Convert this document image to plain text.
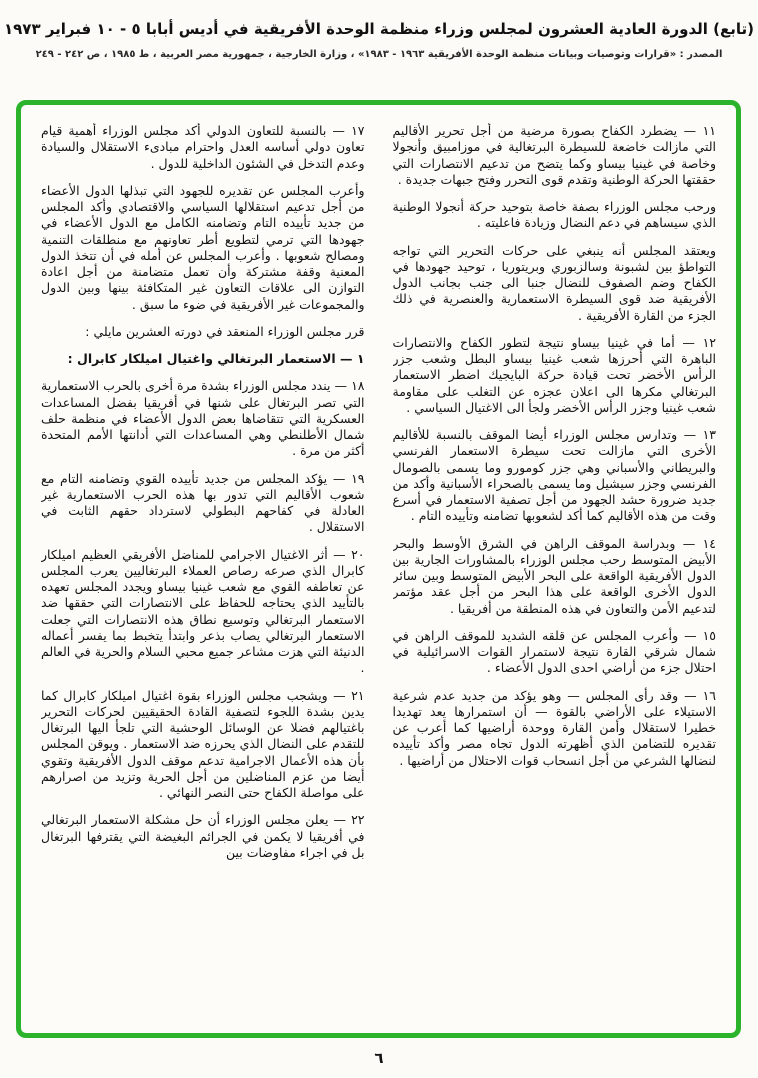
(تابع) الدورة العادية العشرون لمجلس وزراء منظمة الوحدة الأفريقية في أديس أبابا ٥ - ١٠ فبراير ١٩٧٣
المصدر : «قرارات وتوصيات وبيانات منظمة الوحدة الأفريقية ١٩٦٣ - ١٩٨٣» ، وزارة الخارجية ، جمهورية مصر العربية ، ط ١٩٨٥ ، ص ٢٤٢ - ٢٤٩

١١ — يضطرد الكفاح بصورة مرضية من أجل تحرير الأقاليم التي مازالت خاضعة للسيطرة البرتغالية في موزامبيق وأنجولا وخاصة في غينيا بيساو وكما يتضح من تدعيم الانتصارات التي حققتها الحركة الوطنية وتقدم قوى التحرر وفتح جبهات جديدة .

ورحب مجلس الوزراء بصفة خاصة بتوحيد حركة أنجولا الوطنية الذي سيساهم في دعم النضال وزيادة فاعليته .

ويعتقد المجلس أنه ينبغي على حركات التحرير التي تواجه التواطؤ بين لشبونة وسالزبوري وبريتوريا ، توحيد جهودها في الكفاح وضم الصفوف للنضال جنبا الى جنب بجانب الدول الأفريقية ضد قوى السيطرة الاستعمارية والعنصرية في ذلك الجزء من القارة الأفريقية .

١٢ — أما في غينيا بيساو نتيجة لتطور الكفاح والانتصارات الباهرة التي أحرزها شعب غينيا بيساو البطل وشعب جزر الرأس الأخضر تحت قيادة حركة البايجيك اضطر الاستعمار البرتغالي مكرها الى اعلان عجزه عن التغلب على مقاومة شعب غينيا وجزر الرأس الأخضر ولجأ الى الاغتيال السياسي .

١٣ — وتدارس مجلس الوزراء أيضا الموقف بالنسبة للأقاليم الأخرى التي مازالت تحت سيطرة الاستعمار الفرنسي والبريطاني والأسباني وهي جزر كومورو وما يسمى بالصومال الفرنسي وجزر سيشيل وما يسمى بالصحراء الأسبانية وأكد من جديد ضرورة حشد الجهود من أجل تصفية الاستعمار في أسرع وقت من هذه الأقاليم كما أكد لشعوبها تضامنه وتأييده التام .

١٤ — وبدراسة الموقف الراهن في الشرق الأوسط والبحر الأبيض المتوسط رحب مجلس الوزراء بالمشاورات الجارية بين الدول الأفريقية الواقعة على البحر الأبيض المتوسط وبين سائر الدول الأخرى الواقعة على هذا البحر من أجل عقد مؤتمر لتدعيم الأمن والتعاون في هذه المنطقة من أفريقيا .

١٥ — وأعرب المجلس عن قلقه الشديد للموقف الراهن في شمال شرقي القارة نتيجة لاستمرار القوات الاسرائيلية في احتلال جزء من أراضي احدى الدول الأعضاء .

١٦ — وقد رأى المجلس — وهو يؤكد من جديد عدم شرعية الاستيلاء على الأراضي بالقوة — أن استمرارها يعد تهديدا خطيرا لاستقلال وأمن القارة ووحدة أراضيها كما أعرب عن تقديره للتضامن الذي أظهرته الدول تجاه مصر وأكد تأييده لنضالها الشرعي من أجل انسحاب قوات الاحتلال من أراضيها .

١٧ — بالنسبة للتعاون الدولي أكد مجلس الوزراء أهمية قيام تعاون دولي أساسه العدل واحترام مبادىء الاستقلال والسيادة وعدم التدخل في الشئون الداخلية للدول .

وأعرب المجلس عن تقديره للجهود التي تبذلها الدول الأعضاء من أجل تدعيم استقلالها السياسي والاقتصادي وأكد المجلس من جديد تأييده التام وتضامنه الكامل مع الدول الأعضاء في جهودها التي ترمي لتطويع أطر تعاونهم مع منطلقات التنمية ومصالح شعوبها . وأعرب المجلس عن أمله في أن تتخذ الدول المعنية وقفة مشتركة وأن تعمل متضامنة من أجل اعادة التوازن الى علاقات التعاون غير المتكافئة بينها وبين الدول والمجموعات غير الأفريقية في ضوء ما سبق .

قرر مجلس الوزراء المنعقد في دورته العشرين مايلي :

١ — الاستعمار البرتغالي واغتيال اميلكار كابرال :

١٨ — يندد مجلس الوزراء بشدة مرة أخرى بالحرب الاستعمارية التي تصر البرتغال على شنها في أفريقيا بفضل المساعدات العسكرية التي تتقاضاها بعض الدول الأعضاء في منظمة حلف شمال الأطلنطي وهي المساعدات التي أدانتها الأمم المتحدة أكثر من مرة .

١٩ — يؤكد المجلس من جديد تأييده القوي وتضامنه التام مع شعوب الأقاليم التي تدور بها هذه الحرب الاستعمارية غير العادلة في كفاحهم البطولي لاسترداد حقهم الثابت في الاستقلال .

٢٠ — أثر الاغتيال الاجرامي للمناضل الأفريقي العظيم اميلكار كابرال الذي صرعه رصاص العملاء البرتغاليين يعرب المجلس عن تعاطفه القوي مع شعب غينيا بيساو ويجدد المجلس تعهده بالتأييد الذي يحتاجه للحفاظ على الانتصارات التي حققها ضد الاستعمار البرتغالي وتوسيع نطاق هذه الانتصارات التي جعلت الاستعمار البرتغالي يصاب بذعر وابتدأ يتخبط بما يفسر أعماله الدنيئة التي هزت مشاعر جميع محبي السلام والحرية في العالم .

٢١ — ويشجب مجلس الوزراء بقوة اغتيال اميلكار كابرال كما يدين بشدة اللجوء لتصفية القادة الحقيقيين لحركات التحرير باغتيالهم فضلا عن الوسائل الوحشية التي تلجأ اليها البرتغال للتقدم على النضال الذي يحرزه ضد الاستعمار . ويوقن المجلس بأن هذه الأعمال الاجرامية تدعم موقف الدول الأفريقية وتقوي أيضا من عزم المناضلين من أجل الحرية وتزيد من اصرارهم على مواصلة الكفاح حتى النصر النهائي .

٢٢ — يعلن مجلس الوزراء أن حل مشكلة الاستعمار البرتغالي في أفريقيا لا يكمن في الجرائم البغيضة التي يقترفها البرتغال بل في اجراء مفاوضات بين

٦
